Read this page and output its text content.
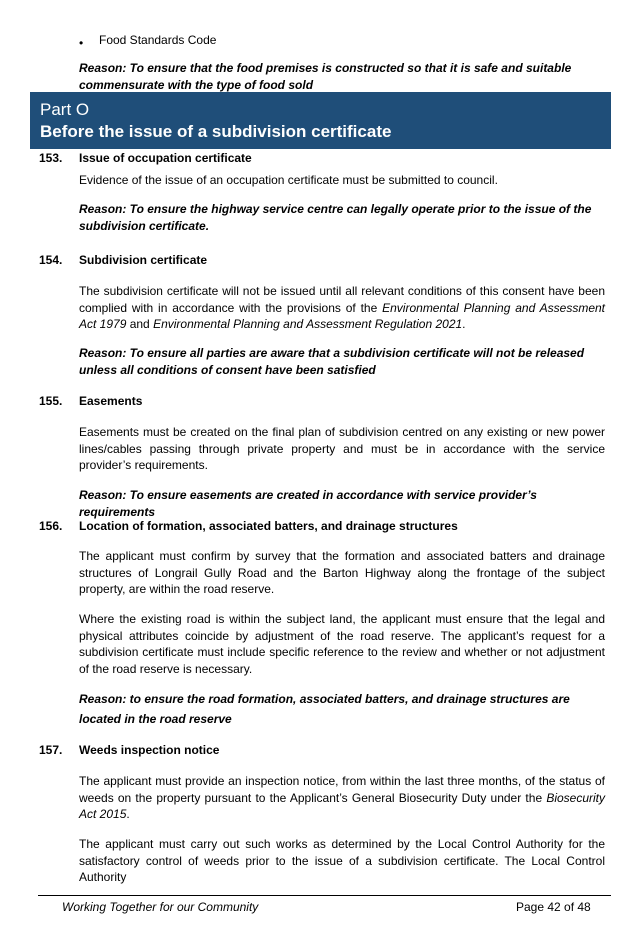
• Food Standards Code
Reason: To ensure that the food premises is constructed so that it is safe and suitable commensurate with the type of food sold
Part O
Before the issue of a subdivision certificate
153.	Issue of occupation certificate
Evidence of the issue of an occupation certificate must be submitted to council.
Reason: To ensure the highway service centre can legally operate prior to the issue of the subdivision certificate.
154.	Subdivision certificate
The subdivision certificate will not be issued until all relevant conditions of this consent have been complied with in accordance with the provisions of the Environmental Planning and Assessment Act 1979 and Environmental Planning and Assessment Regulation 2021.
Reason: To ensure all parties are aware that a subdivision certificate will not be released unless all conditions of consent have been satisfied
155.	Easements
Easements must be created on the final plan of subdivision centred on any existing or new power lines/cables passing through private property and must be in accordance with the service provider’s requirements.
Reason: To ensure easements are created in accordance with service provider’s requirements
156.	Location of formation, associated batters, and drainage structures
The applicant must confirm by survey that the formation and associated batters and drainage structures of Longrail Gully Road and the Barton Highway along the frontage of the subject property, are within the road reserve.
Where the existing road is within the subject land, the applicant must ensure that the legal and physical attributes coincide by adjustment of the road reserve. The applicant’s request for a subdivision certificate must include specific reference to the review and whether or not adjustment of the road reserve is necessary.
Reason: to ensure the road formation, associated batters, and drainage structures are located in the road reserve
157.	Weeds inspection notice
The applicant must provide an inspection notice, from within the last three months, of the status of weeds on the property pursuant to the Applicant’s General Biosecurity Duty under the Biosecurity Act 2015.
The applicant must carry out such works as determined by the Local Control Authority for the satisfactory control of weeds prior to the issue of a subdivision certificate. The Local Control Authority
Working Together for our Community	Page 42 of 48
